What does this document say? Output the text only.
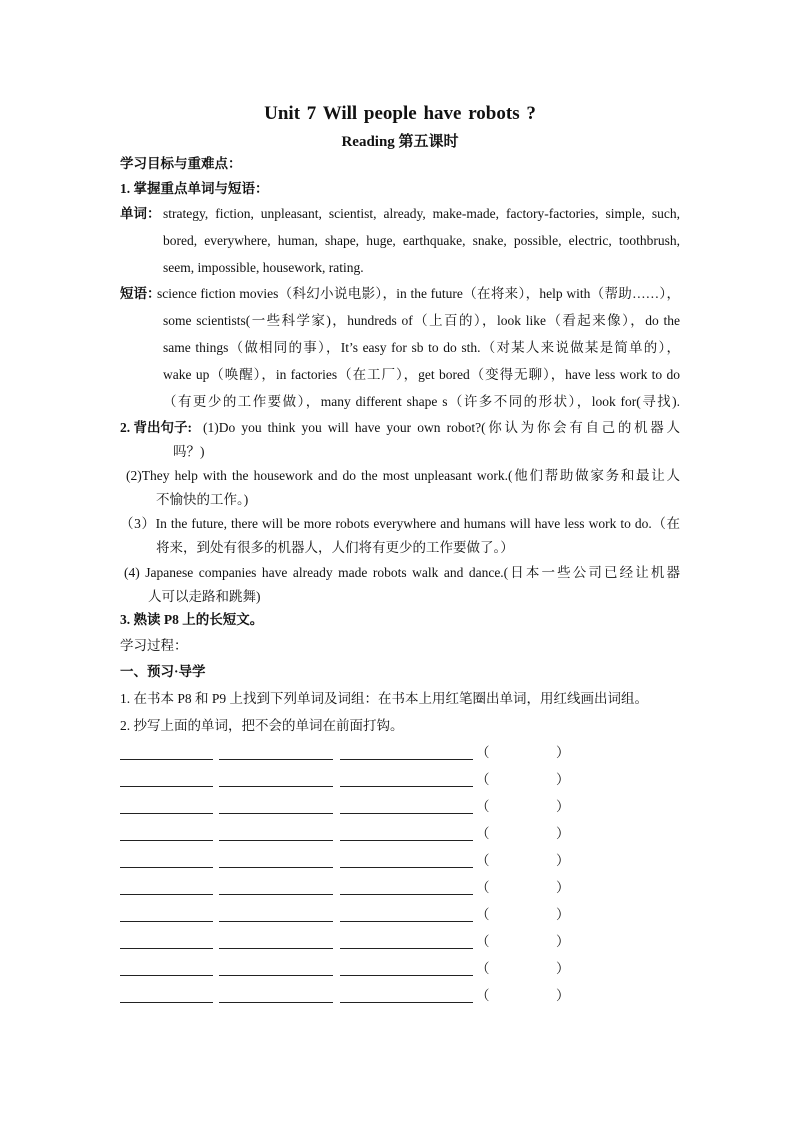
Unit 7 Will people have robots ?
Reading 第五课时
学习目标与重难点：
1. 掌握重点单词与短语：
单词： strategy, fiction, unpleasant, scientist, already, make-made, factory-factories, simple, such,
bored, everywhere, human, shape, huge, earthquake, snake, possible, electric, toothbrush,
seem, impossible, housework, rating.
短语：
science fiction movies（科幻小说电影），in the future（在将来），help with（帮助……），
some scientists(一些科学家)，hundreds of（上百的），look like（看起来像），do the
same things（做相同的事），It’s easy for sb to do sth.（对某人来说做某是简单的），
wake up（唤醒），in factories（在工厂），get bored（变得无聊），have less work to do
（有更少的工作要做），many different shape s（许多不同的形状），look for(寻找).
2. 背出句子: (1)Do you think you will have your own robot?(你认为你会有自己的机器人
吗？)
(2)They help with the housework and do the most unpleasant work.(他们帮助做家务和最让人
不愉快的工作。)
（3）In the future, there will be more robots everywhere and humans will have less work to do.（在
将来，到处有很多的机器人，人们将有更少的工作要做了。）
(4) Japanese companies have already made robots walk and dance.(日本一些公司已经让机器
人可以走路和跳舞)
3. 熟读 P8 上的长短文。
学习过程：
一、预习·导学
1. 在书本 P8 和 P9 上找到下列单词及词组：在书本上用红笔圈出单词，用红线画出词组。
2. 抄写上面的单词，把不会的单词在前面打钩。
（	）
（	）
（	）
（	）
（	）
（	）
（	）
（	）
（	）
（	）
